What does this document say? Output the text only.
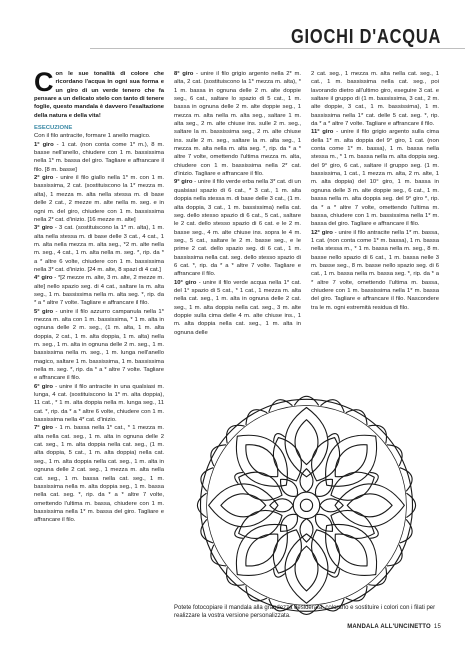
GIOCHI D'ACQUA

Con le sue tonalità di colore che ricordano l'acqua in ogni sua forma e un giro di un verde tenero che fa pensare a un delicato stelo con tanto di tenere foglie, questo mandala è davvero l'esaltazione della natura e della vita!

ESECUZIONE

Con il filo antracite, formare 1 anello magico.

1° giro - 1 cat. (non conta come 1* m.), 8 m. basse nell'anello, chiudere con 1 m. bassissima nella 1* m. bassa del giro. Tagliare e affrancare il filo. [8 m. basse]

2° giro - unire il filo giallo nella 1* m. con 1 m. bassissima, 2 cat. (sostituiscono la 1* mezza m. alta), 1 mezza m. alta nella stessa m. di base delle 2 cat., 2 mezze m. alte nella m. seg. e in ogni m. del giro, chiudere con 1 m. bassissima nella 2* cat. d'inizio. [16 mezze m. alte]

3° giro - 3 cat. (sostituiscono la 1* m. alta), 1 m. alta nella stessa m. di base delle 3 cat., 4 cat., 1 m. alta nella mezza m. alta seg., *2 m. alte nella m. seg., 4 cat., 1 m. alta nella m. seg. *, rip. da * a * altre 6 volte, chiudere con 1 m. bassissima nella 3* cat. d'inizio. [24 m. alte, 8 spazi di 4 cat.]

4° giro - *[2 mezze m. alte, 3 m. alte, 2 mezze m. alte] nello spazio seg. di 4 cat., saltare la m. alta seg., 1 m. bassissima nella m. alta seg. *, rip. da * a * altre 7 volte. Tagliare e affrancare il filo.

5° giro - unire il filo azzurro campanula nella 1* mezza m. alta con 1 m. bassissima, * 1 m. alta in ognuna delle 2 m. seg., (1 m. alta, 1 m. alta doppia, 2 cat., 1 m. alta doppia, 1 m. alta) nella m. seg., 1 m. alta in ognuna delle 2 m. seg., 1 m. bassissima nella m. seg., 1 m. lunga nell'anello magico, saltare 1 m. bassissima, 1 m. bassissima nella m. seg. *, rip. da * a * altre 7 volte. Tagliare e affrancare il filo.

6° giro - unire il filo antracite in una qualsiasi m. lunga, 4 cat. (sostituiscono la 1* m. alta doppia), 11 cat., * 1 m. alta doppia nella m. lunga seg., 11 cat. *, rip. da * a * altre 6 volte, chiudere con 1 m. bassissima nella 4* cat. d'inizio.

7° giro - 1 m. bassa nella 1* cat., * 1 mezza m. alta nella cat. seg., 1 m. alta in ognuna delle 2 cat. seg., 1 m. alta doppia nella cat. seg., (1 m. alta doppia, 5 cat., 1 m. alta doppia) nella cat. seg., 1 m. alta doppia nella cat. seg., 1 m. alta in ognuna delle 2 cat. seg., 1 mezza m. alta nella cat. seg., 1 m. bassa nella cat. seg., 1 m. bassissima nella m. alta doppia seg., 1 m. bassa nella cat. seg. *, rip. da * a * altre 7 volte, omettendo l'ultima m. bassa, chiudere con 1 m. bassissima nella 1* m. bassa del giro. Tagliare e affrancare il filo.

8° giro - unire il filo grigio argento nella 2* m. alta, 2 cat. (sostituiscono la 1* mezza m. alta), * 1 m. bassa in ognuna delle 2 m. alte doppie seg., 6 cat., saltare lo spazio di 5 cat., 1 m. bassa in ognuna delle 2 m. alte doppie seg., 1 mezza m. alta nella m. alta seg., saltare 1 m. alta seg., 2 m. alte chiuse ins. sulle 2 m. seg., saltare la m. bassissima seg., 2 m. alte chiuse ins. sulle 2 m. seg., saltare la m. alta seg., 1 mezza m. alta nella m. alta seg. *, rip. da * a * altre 7 volte, omettendo l'ultima mezza m. alta, chiudere con 1 m. bassissima nella 2* cat. d'inizio. Tagliare e affrancare il filo.

9° giro - unire il filo verde erba nella 3* cat. di un qualsiasi spazio di 6 cat., * 3 cat., 1 m. alta doppia nella stessa m. di base delle 3 cat., (1 m. alta doppia, 3 cat., 1 m. bassissima) nella cat. seg. dello stesso spazio di 6 cat., 5 cat., saltare le 2 cat. dello stesso spazio di 6 cat. e le 2 m. basse seg., 4 m. alte chiuse ins. sopra le 4 m. seg., 5 cat., saltare le 2 m. basse seg., e le prime 2 cat. dello spazio seg. di 6 cat., 1 m. bassissima nella cat. seg. dello stesso spazio di 6 cat. *, rip. da * a * altre 7 volte. Tagliare e affrancare il filo.

10° giro - unire il filo verde acqua nella 1* cat. del 1° spazio di 5 cat., * 1 cat., 1 mezza m. alta nella cat. seg., 1 m. alta in ognuna delle 2 cat. seg., 1 m. alta doppia nella cat. seg., 3 m. alte doppie sulla cima delle 4 m. alte chiuse ins., 1 m. alta doppia nella cat. seg., 1 m. alta in ognuna delle

2 cat. seg., 1 mezza m. alta nella cat. seg., 1 cat., 1 m. bassissima nella cat. seg., poi lavorando dietro all'ultimo giro, eseguire 3 cat. e saltare il gruppo di (1 m. bassissima, 3 cat., 2 m. alte doppie, 3 cat., 1 m. bassissima), 1 m. bassissima nella 1* cat. delle 5 cat. seg. *, rip. da * a * altre 7 volte. Tagliare e affrancare il filo.

11° giro - unire il filo grigio argento sulla cima della 1* m. alta doppia del 9° giro, 1 cat. (non conta come 1* m. bassa), 1 m. bassa nella stessa m., * 1 m. bassa nella m. alta doppia seg. del 9° giro, 6 cat., saltare il gruppo seg. (1 m. bassissima, 1 cat., 1 mezza m. alta, 2 m. alte, 1 m. alta doppia) del 10° giro, 1 m. bassa in ognuna delle 3 m. alte doppie seg., 6 cat., 1 m. bassa nella m. alta doppia seg. del 9° giro *, rip. da * a * altre 7 volte, omettendo l'ultima m. bassa, chiudere con 1 m. bassissima nella 1* m. bassa del giro. Tagliare e affrancare il filo.

12° giro - unire il filo antracite nella 1* m. bassa, 1 cat. (non conta come 1* m. bassa), 1 m. bassa nella stessa m., * 1 m. bassa nella m. seg., 8 m. basse nello spazio di 6 cat., 1 m. bassa nelle 3 m. basse seg., 8 m. basse nello spazio seg. di 6 cat., 1 m. bassa nella m. bassa seg. *, rip. da * a * altre 7 volte, omettendo l'ultima m. bassa, chiudere con 1 m. bassissima nella 1* m. bassa del giro. Tagliare e affrancare il filo. Nascondere tra le m. ogni estremità residua di filo.

Potete fotocopiare il mandala alla grandezza desiderata, colorarlo e sostituire i colori con i filati per realizzare la vostra versione personalizzata.
MANDALA ALL'UNCINETTO 15
